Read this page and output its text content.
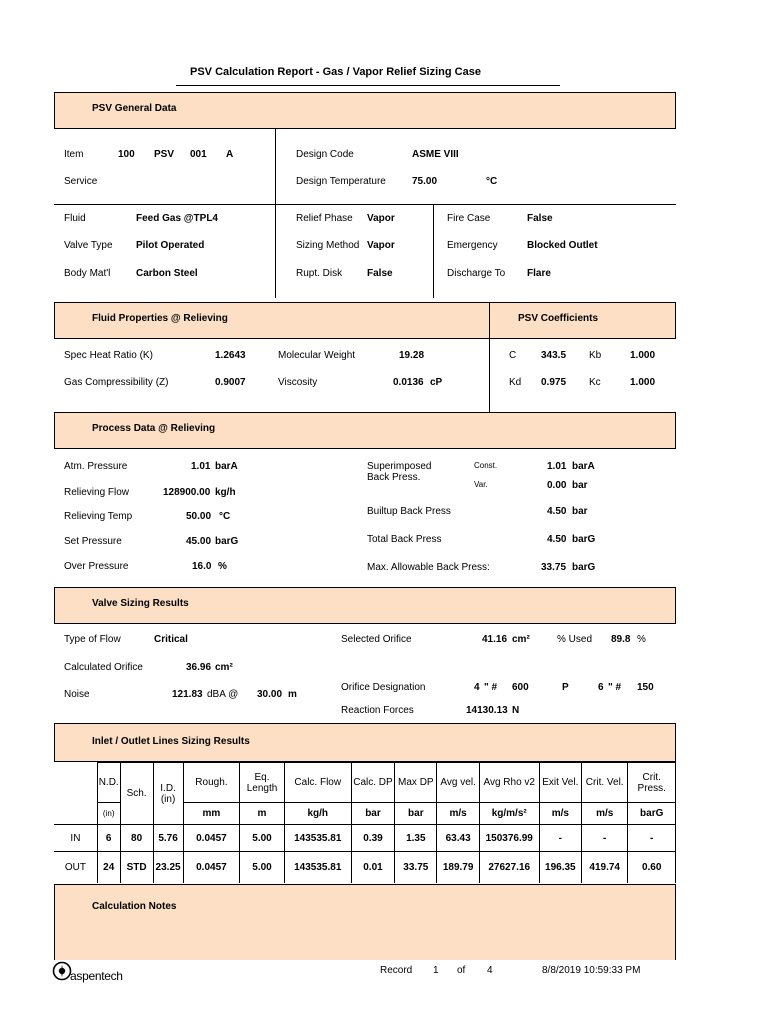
PSV Calculation Report - Gas / Vapor Relief Sizing Case
PSV General Data
Item	100 PSV 001 A
Service
Design Code	ASME VIII
Design Temperature	75.00	°C
Fluid	Feed Gas @TPL4
Valve Type Pilot Operated
Body Mat'l	Carbon Steel
Relief Phase Vapor
Sizing Method Vapor
Rupt. Disk False
Fire Case	False
Emergency	Blocked Outlet
Discharge To Flare
Fluid Properties @ Relieving	PSV Coefficients
Spec Heat Ratio (K)	1.2643
Gas Compressibility (Z)	0.9007
Molecular Weight	19.28
Viscosity	0.0136 cP
C 343.5 Kb	1.000
Kd 0.975 Kc	1.000
Process Data @ Relieving
Atm. Pressure	1.01 barA
Relieving Flow	128900.00 kg/h
Relieving Temp	50.00 °C
Set Pressure	45.00 barG
Over Pressure	16.0 %
Superimposed
Back Press.
Const.	1.01 barA
Var.	0.00 bar
Builtup Back Press	4.50 bar
Total Back Press	4.50 barG
Max. Allowable Back Press:	33.75 barG
Valve Sizing Results
Type of Flow	Critical
Calculated Orifice	36.96 cm²
Noise	121.83 dBA @ 30.00 m
Selected Orifice	41.16 cm²	% Used 89.8 %
Orifice Designation	4 " # 600	P	6 " # 150
Reaction Forces	14130.13 N
Inlet / Outlet Lines Sizing Results
	N.D.	Sch.	I.D. (in)	Rough.	Eq. Length	Calc. Flow	Calc. DP	Max DP	Avg vel.	Avg Rho v2	Exit Vel.	Crit. Vel.	Crit. Press.
	(in)			mm	m	kg/h	bar	bar	m/s	kg/m/s²	m/s	m/s	barG
IN	6	80	5.76	0.0457	5.00	143535.81	0.39	1.35	63.43	150376.99	-	-	-
OUT	24	STD	23.25	0.0457	5.00	143535.81	0.01	33.75	189.79	27627.16	196.35	419.74	0.60
Calculation Notes
aspentech	Record 1 of 4	8/8/2019 10:59:33 PM
